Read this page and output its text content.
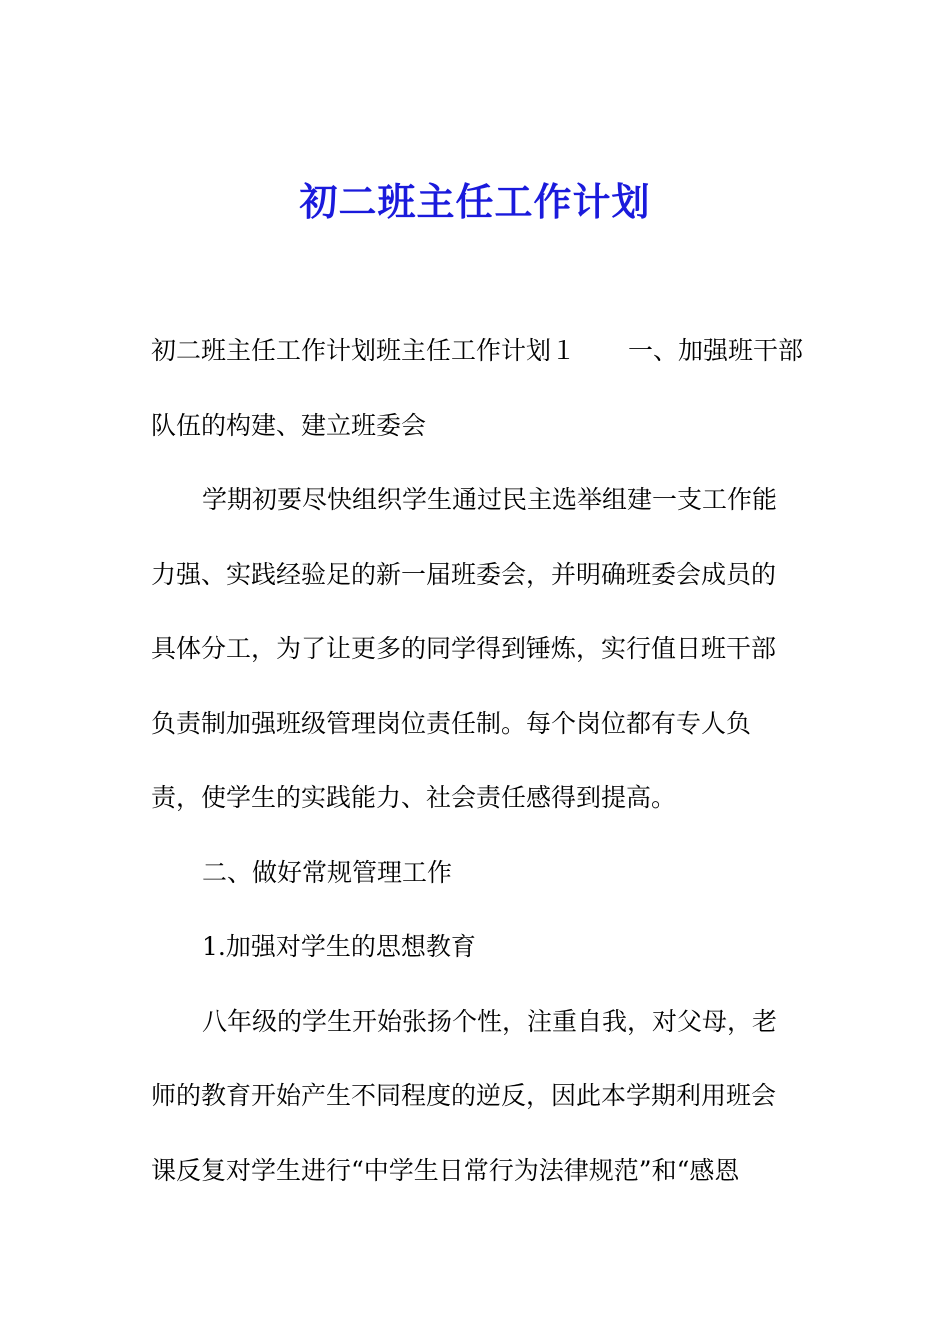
初二班主任工作计划
初二班主任工作计划班主任工作计划１ 一、加强班干部
队伍的构建、建立班委会
学期初要尽快组织学生通过民主选举组建一支工作能
力强、实践经验足的新一届班委会，并明确班委会成员的
具体分工，为了让更多的同学得到锤炼，实行值日班干部
负责制加强班级管理岗位责任制。每个岗位都有专人负
责，使学生的实践能力、社会责任感得到提高。
二、做好常规管理工作
1.加强对学生的思想教育
八年级的学生开始张扬个性，注重自我，对父母，老
师的教育开始产生不同程度的逆反，因此本学期利用班会
课反复对学生进行“中学生日常行为法律规范”和“感恩
